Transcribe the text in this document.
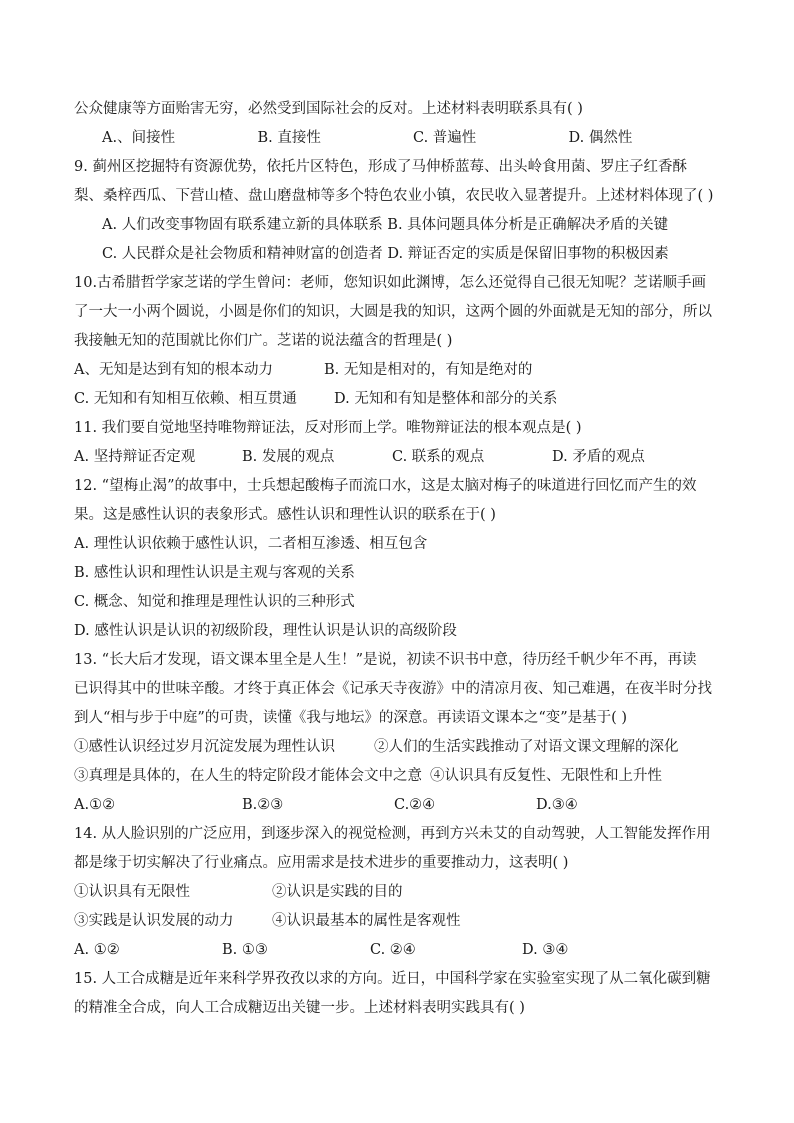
公众健康等方面贻害无穷，必然受到国际社会的反对。上述材料表明联系具有( )
A.、间接性	B. 直接性	C. 普遍性	D. 偶然性
9. 蓟州区挖掘特有资源优势，依托片区特色，形成了马伸桥蓝莓、出头岭食用菌、罗庄子红香酥
梨、桑梓西瓜、下营山楂、盘山磨盘柿等多个特色农业小镇，农民收入显著提升。上述材料体现了( )
A. 人们改变事物固有联系建立新的具体联系 B. 具体问题具体分析是正确解决矛盾的关键
C. 人民群众是社会物质和精神财富的创造者 D. 辩证否定的实质是保留旧事物的积极因素
10.古希腊哲学家芝诺的学生曾问：老师，您知识如此渊博，怎么还觉得自己很无知呢？芝诺顺手画
了一大一小两个圆说，小圆是你们的知识，大圆是我的知识，这两个圆的外面就是无知的部分，所以
我接触无知的范围就比你们广。芝诺的说法蕴含的哲理是( )
A、无知是达到有知的根本动力	B. 无知是相对的，有知是绝对的
C. 无知和有知相互依赖、相互贯通	D. 无知和有知是整体和部分的关系
11. 我们要自觉地坚持唯物辩证法，反对形而上学。唯物辩证法的根本观点是( )
A. 坚持辩证否定观	B. 发展的观点	C. 联系的观点	D. 矛盾的观点
12. “望梅止渴”的故事中，士兵想起酸梅子而流口水，这是太脑对梅子的味道进行回忆而产生的效
果。这是感性认识的表象形式。感性认识和理性认识的联系在于( )
A. 理性认识依赖于感性认识，二者相互渗透、相互包含
B. 感性认识和理性认识是主观与客观的关系
C. 概念、知觉和推理是理性认识的三种形式
D. 感性认识是认识的初级阶段，理性认识是认识的高级阶段
13. “长大后才发现，语文课本里全是人生！”是说，初读不识书中意，待历经千帆少年不再，再读
已识得其中的世味辛酸。才终于真正体会《记承天寺夜游》中的清凉月夜、知己难遇，在夜半时分找
到人“相与步于中庭”的可贵，读懂《我与地坛》的深意。再读语文课本之“变”是基于( )
①感性认识经过岁月沉淀发展为理性认识	②人们的生活实践推动了对语文课文理解的深化
③真理是具体的，在人生的特定阶段才能体会文中之意 ④认识具有反复性、无限性和上升性
A.①②	B.②③	C.②④	D.③④
14. 从人脸识别的广泛应用，到逐步深入的视觉检测，再到方兴未艾的自动驾驶，人工智能发挥作用
都是缘于切实解决了行业痛点。应用需求是技术进步的重要推动力，这表明( )
①认识具有无限性	②认识是实践的目的
③实践是认识发展的动力	④认识最基本的属性是客观性
A. ①②	B. ①③	C. ②④	D. ③④
15. 人工合成糖是近年来科学界孜孜以求的方向。近日，中国科学家在实验室实现了从二氧化碳到糖
的精准全合成，向人工合成糖迈出关键一步。上述材料表明实践具有( )
